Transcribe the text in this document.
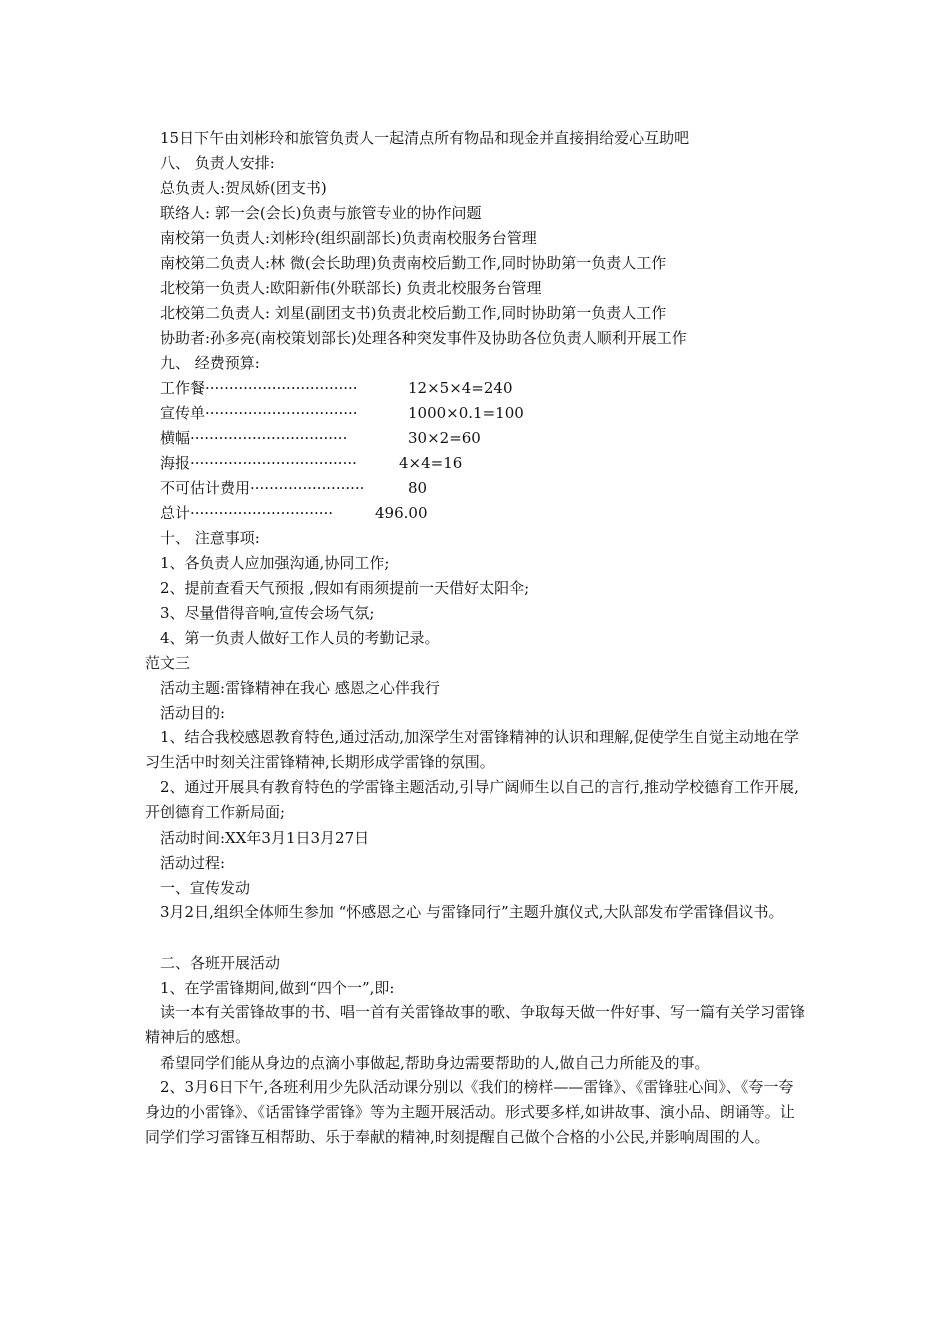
15日下午由刘彬玲和旅管负责人一起清点所有物品和现金并直接捐给爱心互助吧
八、 负责人安排:
总负责人:贺凤娇(团支书)
联络人: 郭一会(会长)负责与旅管专业的协作问题
南校第一负责人:刘彬玲(组织副部长)负责南校服务台管理
南校第二负责人:林 微(会长助理)负责南校后勤工作,同时协助第一负责人工作
北校第一负责人:欧阳新伟(外联部长) 负责北校服务台管理
北校第二负责人: 刘星(副团支书)负责北校后勤工作,同时协助第一负责人工作
协助者:孙多亮(南校策划部长)处理各种突发事件及协助各位负责人顺利开展工作
九、 经费预算:
工作餐································	12×5×4=240
宣传单································	1000×0.1=100
横幅·································	30×2=60
海报···································	4×4=16
不可估计费用························	80
总计······························	496.00
十、 注意事项:
1、各负责人应加强沟通,协同工作;
2、提前查看天气预报 ,假如有雨须提前一天借好太阳伞;
3、尽量借得音响,宣传会场气氛;
4、第一负责人做好工作人员的考勤记录。
范文三
活动主题:雷锋精神在我心 感恩之心伴我行
活动目的:
1、结合我校感恩教育特色,通过活动,加深学生对雷锋精神的认识和理解,促使学生自觉主动地在学习生活中时刻关注雷锋精神,长期形成学雷锋的氛围。
2、通过开展具有教育特色的学雷锋主题活动,引导广阔师生以自己的言行,推动学校德育工作开展,开创德育工作新局面;
活动时间:XX年3月1日3月27日
活动过程:
一、宣传发动
3月2日,组织全体师生参加 “怀感恩之心 与雷锋同行”主题升旗仪式,大队部发布学雷锋倡议书。
二、各班开展活动
1、在学雷锋期间,做到“四个一”,即:
读一本有关雷锋故事的书、唱一首有关雷锋故事的歌、争取每天做一件好事、写一篇有关学习雷锋精神后的感想。
希望同学们能从身边的点滴小事做起,帮助身边需要帮助的人,做自己力所能及的事。
2、3月6日下午,各班利用少先队活动课分别以《我们的榜样——雷锋》、《雷锋驻心间》、《夸一夸身边的小雷锋》、《话雷锋学雷锋》等为主题开展活动。形式要多样,如讲故事、演小品、朗诵等。让同学们学习雷锋互相帮助、乐于奉献的精神,时刻提醒自己做个合格的小公民,并影响周围的人。
